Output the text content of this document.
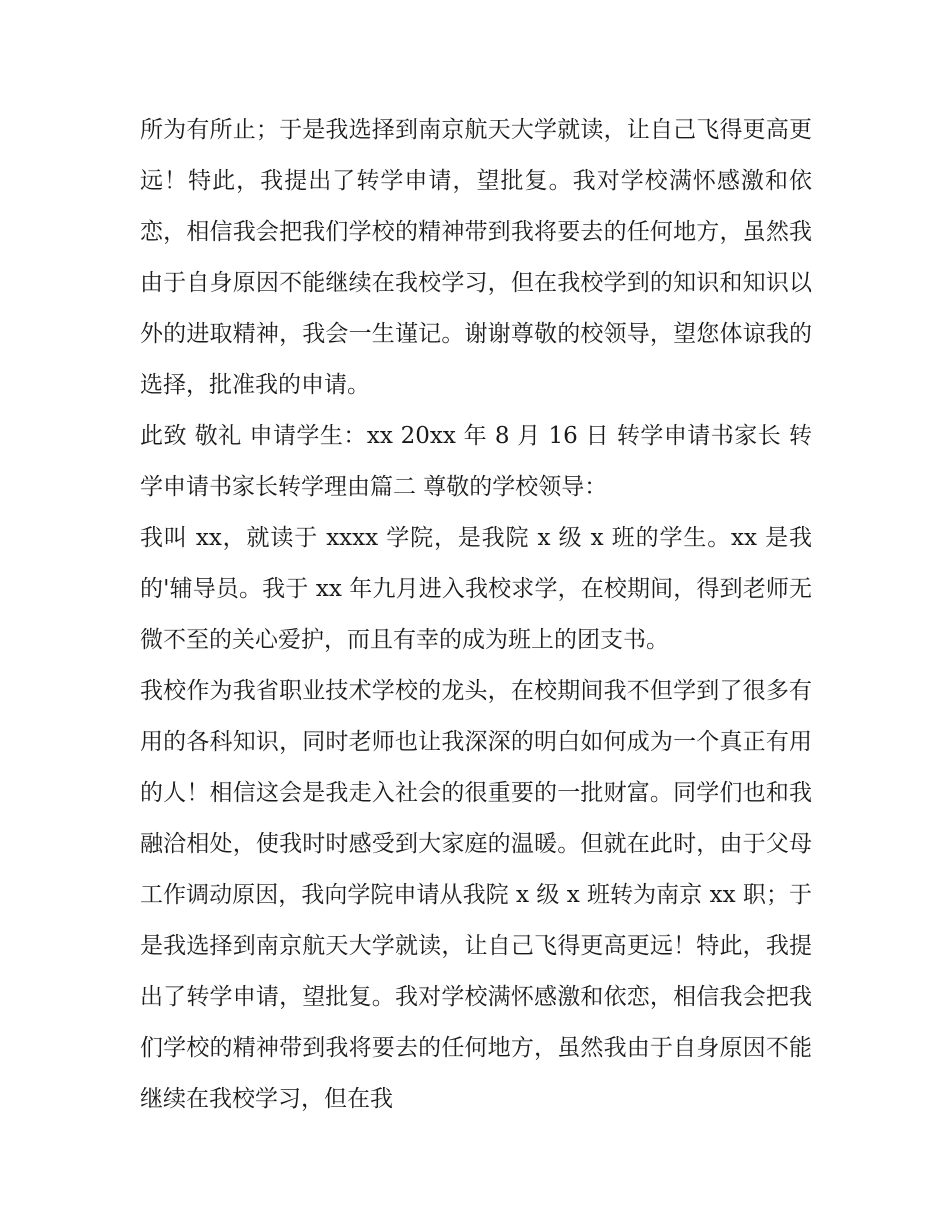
所为有所止；于是我选择到南京航天大学就读，让自己飞得更高更远！特此，我提出了转学申请，望批复。我对学校满怀感激和依恋，相信我会把我们学校的精神带到我将要去的任何地方，虽然我由于自身原因不能继续在我校学习，但在我校学到的知识和知识以外的进取精神，我会一生谨记。谢谢尊敬的校领导，望您体谅我的选择，批准我的申请。

此致 敬礼 申请学生：xx 20xx 年 8 月 16 日 转学申请书家长 转学申请书家长转学理由篇二 尊敬的学校领导：

我叫 xx，就读于 xxxx 学院，是我院 x 级 x 班的学生。xx 是我的'辅导员。我于 xx 年九月进入我校求学，在校期间，得到老师无微不至的关心爱护，而且有幸的成为班上的团支书。

我校作为我省职业技术学校的龙头，在校期间我不但学到了很多有用的各科知识，同时老师也让我深深的明白如何成为一个真正有用的人！相信这会是我走入社会的很重要的一批财富。同学们也和我融洽相处，使我时时感受到大家庭的温暖。但就在此时，由于父母工作调动原因，我向学院申请从我院 x 级 x 班转为南京 xx 职；于是我选择到南京航天大学就读，让自己飞得更高更远！特此，我提出了转学申请，望批复。我对学校满怀感激和依恋，相信我会把我们学校的精神带到我将要去的任何地方，虽然我由于自身原因不能继续在我校学习，但在我
